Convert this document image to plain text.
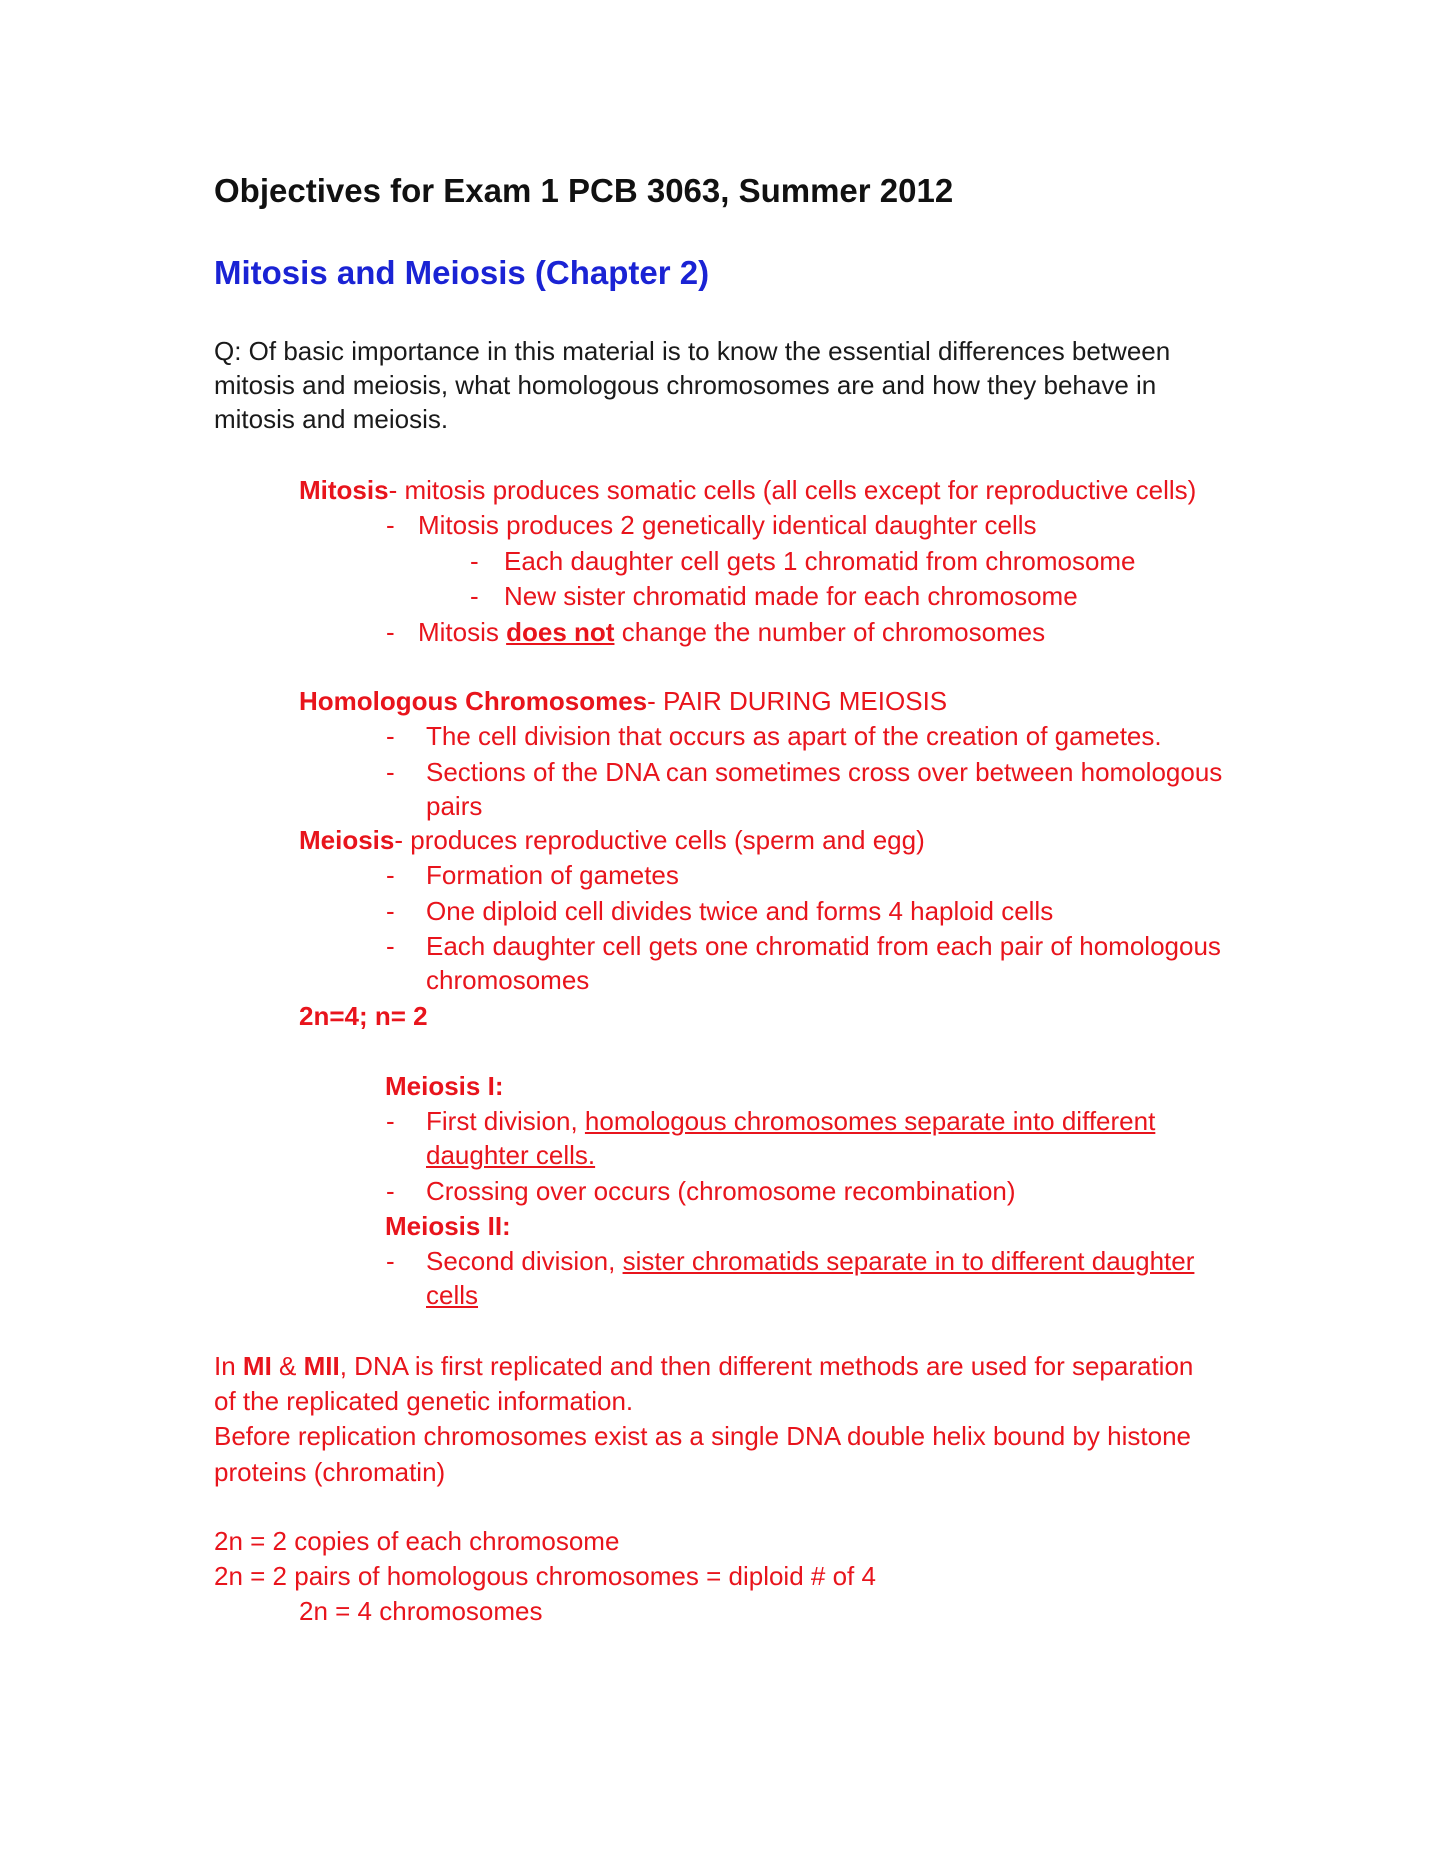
Objectives for Exam 1 PCB 3063, Summer 2012
Mitosis and Meiosis (Chapter 2)
Q: Of basic importance in this material is to know the essential differences between
mitosis and meiosis, what homologous chromosomes are and how they behave in
mitosis and meiosis.
Mitosis- mitosis produces somatic cells (all cells except for reproductive cells)
- Mitosis produces 2 genetically identical daughter cells
- Each daughter cell gets 1 chromatid from chromosome
- New sister chromatid made for each chromosome
- Mitosis does not change the number of chromosomes
Homologous Chromosomes- PAIR DURING MEIOSIS
- The cell division that occurs as apart of the creation of gametes.
- Sections of the DNA can sometimes cross over between homologous
pairs
Meiosis- produces reproductive cells (sperm and egg)
- Formation of gametes
- One diploid cell divides twice and forms 4 haploid cells
- Each daughter cell gets one chromatid from each pair of homologous
chromosomes
2n=4; n= 2
Meiosis I:
- First division, homologous chromosomes separate into different
daughter cells.
- Crossing over occurs (chromosome recombination)
Meiosis II:
- Second division, sister chromatids separate in to different daughter
cells
In MI & MII, DNA is first replicated and then different methods are used for separation
of the replicated genetic information.
Before replication chromosomes exist as a single DNA double helix bound by histone
proteins (chromatin)
2n = 2 copies of each chromosome
2n = 2 pairs of homologous chromosomes = diploid # of 4
2n = 4 chromosomes
